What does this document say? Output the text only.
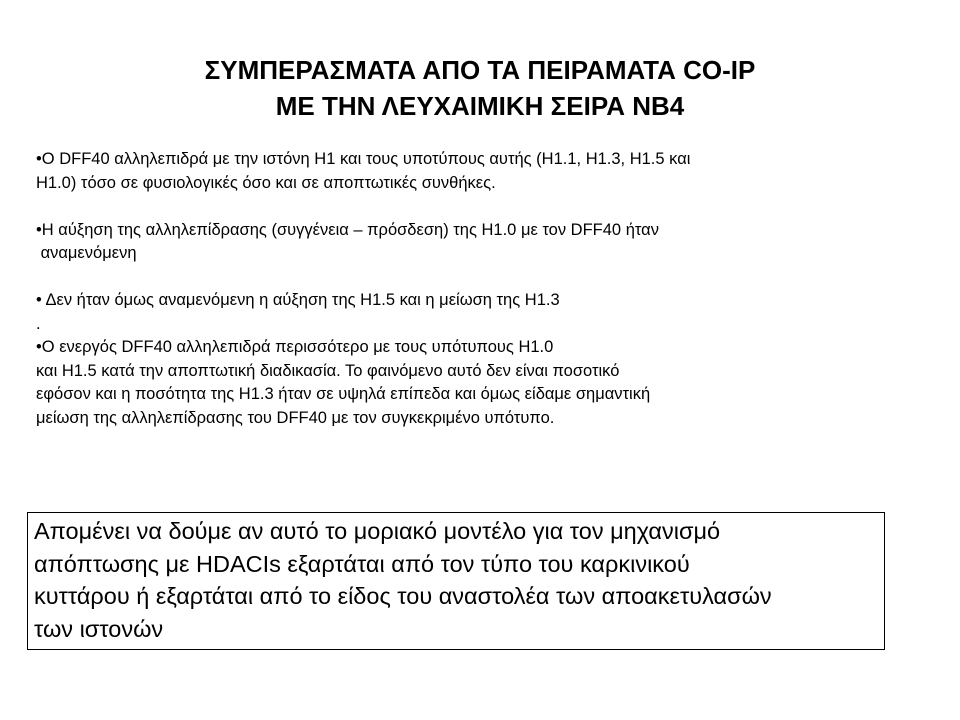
ΣΥΜΠΕΡΑΣΜΑΤΑ ΑΠΟ ΤΑ ΠΕΙΡΑΜΑΤΑ CO-IP
ΜΕ ΤΗΝ ΛΕΥΧΑΙΜΙΚΗ ΣΕΙΡΑ ΝΒ4
•Ο DFF40 αλληλεπιδρά με την ιστόνη Η1 και τους υποτύπους αυτής (Η1.1, Η1.3, Η1.5 και
Η1.0) τόσο σε φυσιολογικές όσο και σε αποπτωτικές συνθήκες.
•Η αύξηση της αλληλεπίδρασης (συγγένεια – πρόσδεση) της Η1.0 με τον DFF40 ήταν
αναμενόμενη
• Δεν ήταν όμως αναμενόμενη η αύξηση της Η1.5 και η μείωση της Η1.3
.
•Ο ενεργός DFF40 αλληλεπιδρά περισσότερο με τους υπότυπους Η1.0
και Η1.5 κατά την αποπτωτική διαδικασία. Το φαινόμενο αυτό δεν είναι ποσοτικό
εφόσον και η ποσότητα της Η1.3 ήταν σε υψηλά επίπεδα και όμως είδαμε σημαντική
μείωση της αλληλεπίδρασης του DFF40 με τον συγκεκριμένο υπότυπο.
Απομένει να δούμε αν αυτό το μοριακό μοντέλο για τον μηχανισμό
απόπτωσης με HDACIs εξαρτάται από τον τύπο του καρκινικού
κυττάρου ή εξαρτάται από το είδος του αναστολέα των αποακετυλασών
των ιστονών
